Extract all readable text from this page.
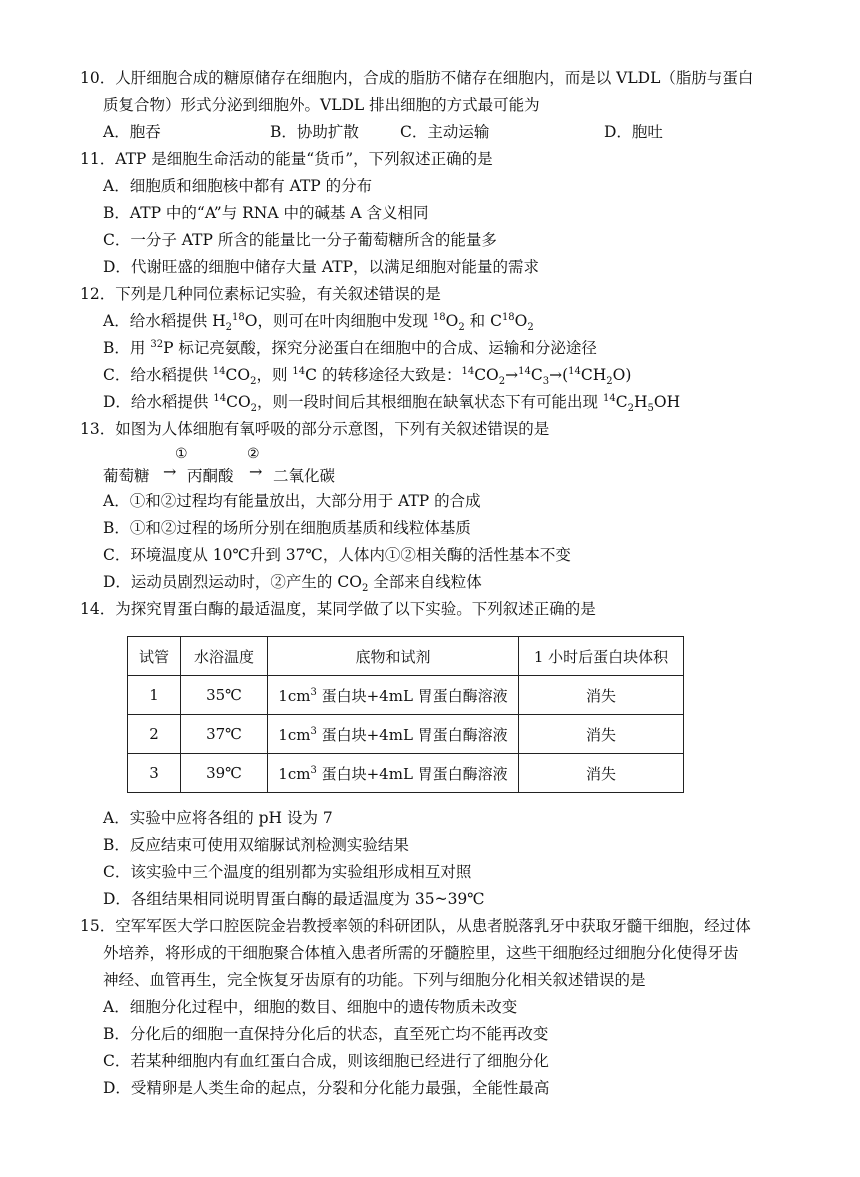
10．人肝细胞合成的糖原储存在细胞内，合成的脂肪不储存在细胞内，而是以 VLDL（脂肪与蛋白
质复合物）形式分泌到细胞外。VLDL 排出细胞的方式最可能为
A．胞吞	B．协助扩散	C．主动运输	D．胞吐
11．ATP 是细胞生命活动的能量“货币”，下列叙述正确的是
A．细胞质和细胞核中都有 ATP 的分布
B．ATP 中的“A”与 RNA 中的碱基 A 含义相同
C．一分子 ATP 所含的能量比一分子葡萄糖所含的能量多
D．代谢旺盛的细胞中储存大量 ATP，以满足细胞对能量的需求
12．下列是几种同位素标记实验，有关叙述错误的是
A．给水稻提供 $H_2^{18}O$，则可在叶肉细胞中发现 $^{18}O_2$ 和 $C^{18}O_2$
B．用 $^{32}$P 标记亮氨酸，探究分泌蛋白在细胞中的合成、运输和分泌途径
C．给水稻提供 $^{14}CO_2$，则 $^{14}$C 的转移途径大致是：$^{14}CO_2\to^{14}C_3\to(^{14}CH_2O)$
D．给水稻提供 $^{14}CO_2$，则一段时间后其根细胞在缺氧状态下有可能出现 $^{14}C_2H_5OH$
13．如图为人体细胞有氧呼吸的部分示意图，下列有关叙述错误的是
葡萄糖
①
→ 丙酮酸
②
→ 二氧化碳
A．①和②过程均有能量放出，大部分用于 ATP 的合成
B．①和②过程的场所分别在细胞质基质和线粒体基质
C．环境温度从 10℃升到 37℃，人体内①②相关酶的活性基本不变
D．运动员剧烈运动时，②产生的 $CO_2$ 全部来自线粒体
14．为探究胃蛋白酶的最适温度，某同学做了以下实验。下列叙述正确的是
试管	水浴温度	底物和试剂	1 小时后蛋白块体积
1	35℃	$1cm^3$ 蛋白块+4mL 胃蛋白酶溶液	消失
2	37℃	$1cm^3$ 蛋白块+4mL 胃蛋白酶溶液	消失
3	39℃	$1cm^3$ 蛋白块+4mL 胃蛋白酶溶液	消失
A．实验中应将各组的 pH 设为 7
B．反应结束可使用双缩脲试剂检测实验结果
C．该实验中三个温度的组别都为实验组形成相互对照
D．各组结果相同说明胃蛋白酶的最适温度为 35~39℃
15．空军军医大学口腔医院金岩教授率领的科研团队，从患者脱落乳牙中获取牙髓干细胞，经过体
外培养，将形成的干细胞聚合体植入患者所需的牙髓腔里，这些干细胞经过细胞分化使得牙齿
神经、血管再生，完全恢复牙齿原有的功能。下列与细胞分化相关叙述错误的是
A．细胞分化过程中，细胞的数目、细胞中的遗传物质未改变
B．分化后的细胞一直保持分化后的状态，直至死亡均不能再改变
C．若某种细胞内有血红蛋白合成，则该细胞已经进行了细胞分化
D．受精卵是人类生命的起点，分裂和分化能力最强，全能性最高
